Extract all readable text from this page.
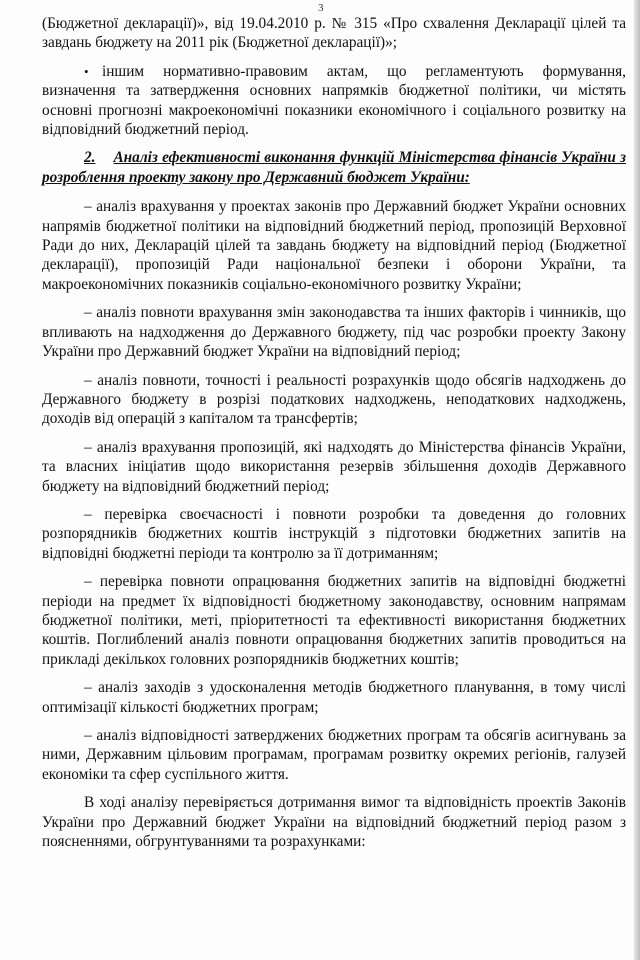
3

(Бюджетної декларації)», від 19.04.2010 р. № 315 «Про схвалення Декларації цілей та завдань бюджету на 2011 рік (Бюджетної декларації)»;

• іншим нормативно-правовим актам, що регламентують формування, визначення та затвердження основних напрямків бюджетної політики, чи містять основні прогнозні макроекономічні показники економічного і соціального розвитку на відповідний бюджетний період.

2. Аналіз ефективності виконання функцій Міністерства фінансів України з розроблення проекту закону про Державний бюджет України:

– аналіз врахування у проектах законів про Державний бюджет України основних напрямів бюджетної політики на відповідний бюджетний період, пропозицій Верховної Ради до них, Декларацій цілей та завдань бюджету на відповідний період (Бюджетної декларації), пропозицій Ради національної безпеки і оборони України, та макроекономічних показників соціально-економічного розвитку України;

– аналіз повноти врахування змін законодавства та інших факторів і чинників, що впливають на надходження до Державного бюджету, під час розробки проекту Закону України про Державний бюджет України на відповідний період;

– аналіз повноти, точності і реальності розрахунків щодо обсягів надходжень до Державного бюджету в розрізі податкових надходжень, неподаткових надходжень, доходів від операцій з капіталом та трансфертів;

– аналіз врахування пропозицій, які надходять до Міністерства фінансів України, та власних ініціатив щодо використання резервів збільшення доходів Державного бюджету на відповідний бюджетний період;

– перевірка своєчасності і повноти розробки та доведення до головних розпорядників бюджетних коштів інструкцій з підготовки бюджетних запитів на відповідні бюджетні періоди та контролю за її дотриманням;

– перевірка повноти опрацювання бюджетних запитів на відповідні бюджетні періоди на предмет їх відповідності бюджетному законодавству, основним напрямам бюджетної політики, меті, пріоритетності та ефективності використання бюджетних коштів. Поглиблений аналіз повноти опрацювання бюджетних запитів проводиться на прикладі декількох головних розпорядників бюджетних коштів;

– аналіз заходів з удосконалення методів бюджетного планування, в тому числі оптимізації кількості бюджетних програм;

– аналіз відповідності затверджених бюджетних програм та обсягів асигнувань за ними, Державним цільовим програмам, програмам розвитку окремих регіонів, галузей економіки та сфер суспільного життя.

В ході аналізу перевіряється дотримання вимог та відповідність проектів Законів України про Державний бюджет України на відповідний бюджетний період разом з поясненнями, обгрунтуваннями та розрахунками:
